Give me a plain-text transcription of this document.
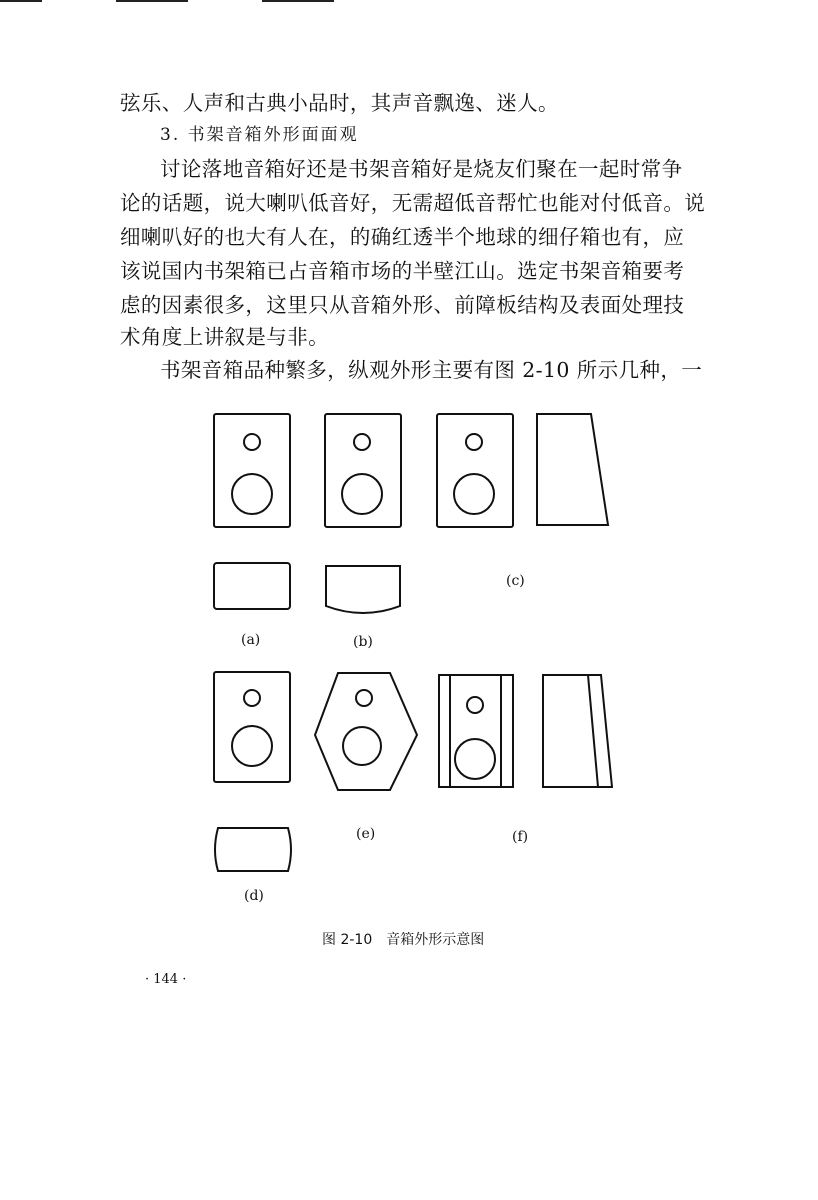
弦乐、人声和古典小品时，其声音飘逸、迷人。
3. 书架音箱外形面面观
讨论落地音箱好还是书架音箱好是烧友们聚在一起时常争
论的话题，说大喇叭低音好，无需超低音帮忙也能对付低音。说
细喇叭好的也大有人在，的确红透半个地球的细仔箱也有，应
该说国内书架箱已占音箱市场的半壁江山。选定书架音箱要考
虑的因素很多，这里只从音箱外形、前障板结构及表面处理技
术角度上讲叙是与非。
书架音箱品种繁多，纵观外形主要有图 2-10 所示几种，一
(a)	(b)
(c)
(d)
(e)	(f)
图 2-10　音箱外形示意图
· 144 ·
